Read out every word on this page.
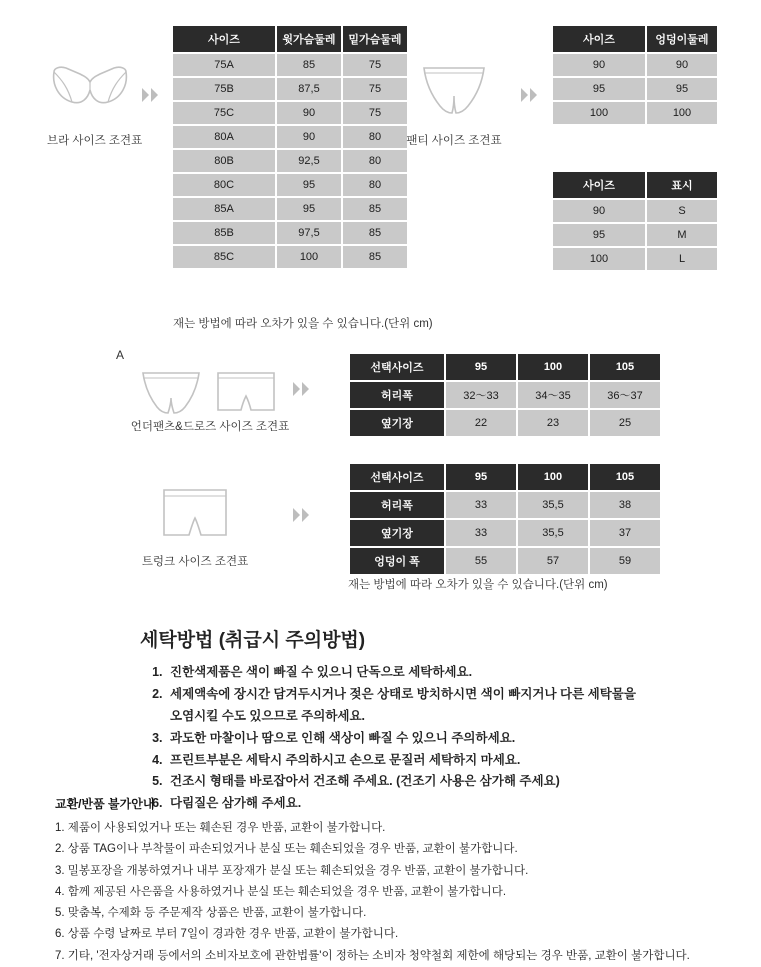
브라 사이즈 조견표
사이즈	윗가슴둘레	밑가슴둘레
75A	85	75
75B	87,5	75
75C	90	75
80A	90	80
80B	92,5	80
80C	95	80
85A	95	85
85B	97,5	85
85C	100	85
재는 방법에 따라 오차가 있을 수 있습니다.(단위 cm)
팬티 사이즈 조견표
사이즈	엉덩이둘레
90	90
95	95
100	100
사이즈	표시
90	S
95	M
100	L
A
언더팬츠&드로즈 사이즈 조견표
선택사이즈	95	100	105
허리폭	32〜33	34〜35	36〜37
옆기장	22	23	25
트렁크 사이즈 조견표
선택사이즈	95	100	105
허리폭	33	35,5	38
옆기장	33	35,5	37
엉덩이 폭	55	57	59
재는 방법에 따라 오차가 있을 수 있습니다.(단위 cm)
세탁방법 (취급시 주의방법)
1. 진한색제품은 색이 빠질 수 있으니 단독으로 세탁하세요.
2. 세제액속에 장시간 담겨두시거나 젖은 상태로 방치하시면 색이 빠지거나 다른 세탁물을 오염시킬 수도 있으므로 주의하세요.
3. 과도한 마찰이나 땀으로 인해 색상이 빠질 수 있으니 주의하세요.
4. 프린트부분은 세탁시 주의하시고 손으로 문질러 세탁하지 마세요.
5. 건조시 형태를 바로잡아서 건조해 주세요. (건조기 사용은 삼가해 주세요)
6. 다림질은 삼가해 주세요.
교환/반품 불가안내
1. 제품이 사용되었거나 또는 훼손된 경우 반품, 교환이 불가합니다.
2. 상품 TAG이나 부착물이 파손되었거나 분실 또는 훼손되었을 경우 반품, 교환이 불가합니다.
3. 밀봉포장을 개봉하였거나 내부 포장재가 분실 또는 훼손되었을 경우 반품, 교환이 불가합니다.
4. 함께 제공된 사은품을 사용하였거나 분실 또는 훼손되었을 경우 반품, 교환이 불가합니다.
5. 맞춤복, 수제화 등 주문제작 상품은 반품, 교환이 불가합니다.
6. 상품 수령 날짜로 부터 7일이 경과한 경우 반품, 교환이 불가합니다.
7. 기타, '전자상거래 등에서의 소비자보호에 관한법률'이 정하는 소비자 청약철회 제한에 해당되는 경우 반품, 교환이 불가합니다.
